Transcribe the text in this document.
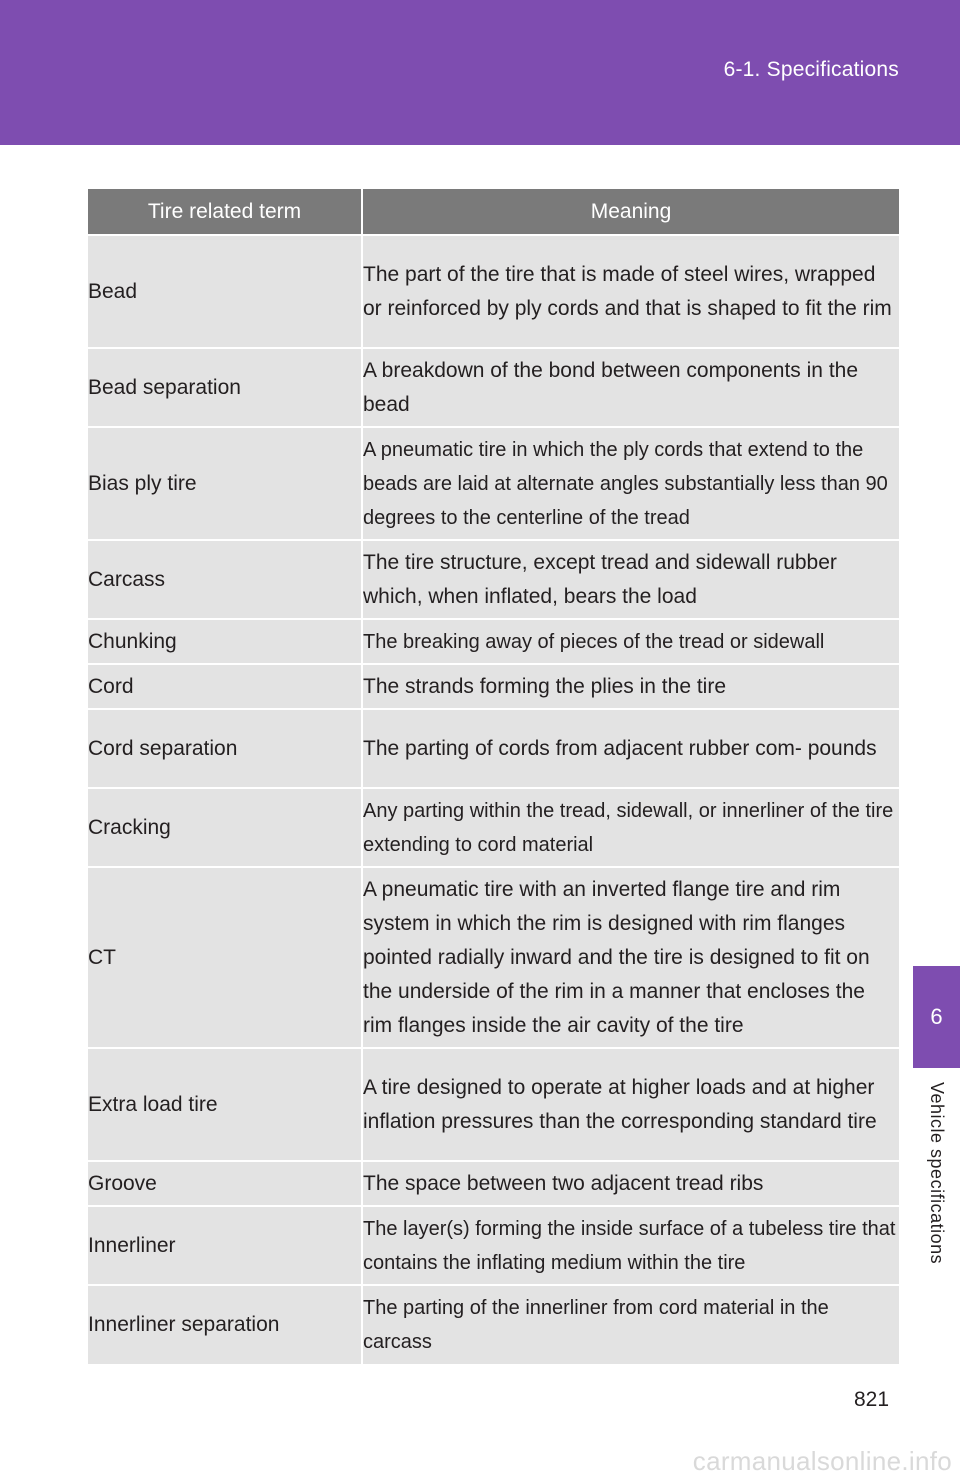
6-1. Specifications
6
Vehicle specifications
Tire related term	Meaning
Bead	The part of the tire that is made of steel wires, wrapped or reinforced by ply cords and that is shaped to fit the rim
Bead separation	A breakdown of the bond between components in the bead
Bias ply tire	A pneumatic tire in which the ply cords that extend to the beads are laid at alternate angles substantially less than 90 degrees to the centerline of the tread
Carcass	The tire structure, except tread and sidewall rubber which, when inflated, bears the load
Chunking	The breaking away of pieces of the tread or sidewall
Cord	The strands forming the plies in the tire
Cord separation	The parting of cords from adjacent rubber com- pounds
Cracking	Any parting within the tread, sidewall, or innerliner of the tire extending to cord material
CT	A pneumatic tire with an inverted flange tire and rim system in which the rim is designed with rim flanges pointed radially inward and the tire is designed to fit on the underside of the rim in a manner that encloses the rim flanges inside the air cavity of the tire
Extra load tire	A tire designed to operate at higher loads and at higher inflation pressures than the corresponding standard tire
Groove	The space between two adjacent tread ribs
Innerliner	The layer(s) forming the inside surface of a tubeless tire that contains the inflating medium within the tire
Innerliner separation	The parting of the innerliner from cord material in the carcass
821
carmanualsonline.info
